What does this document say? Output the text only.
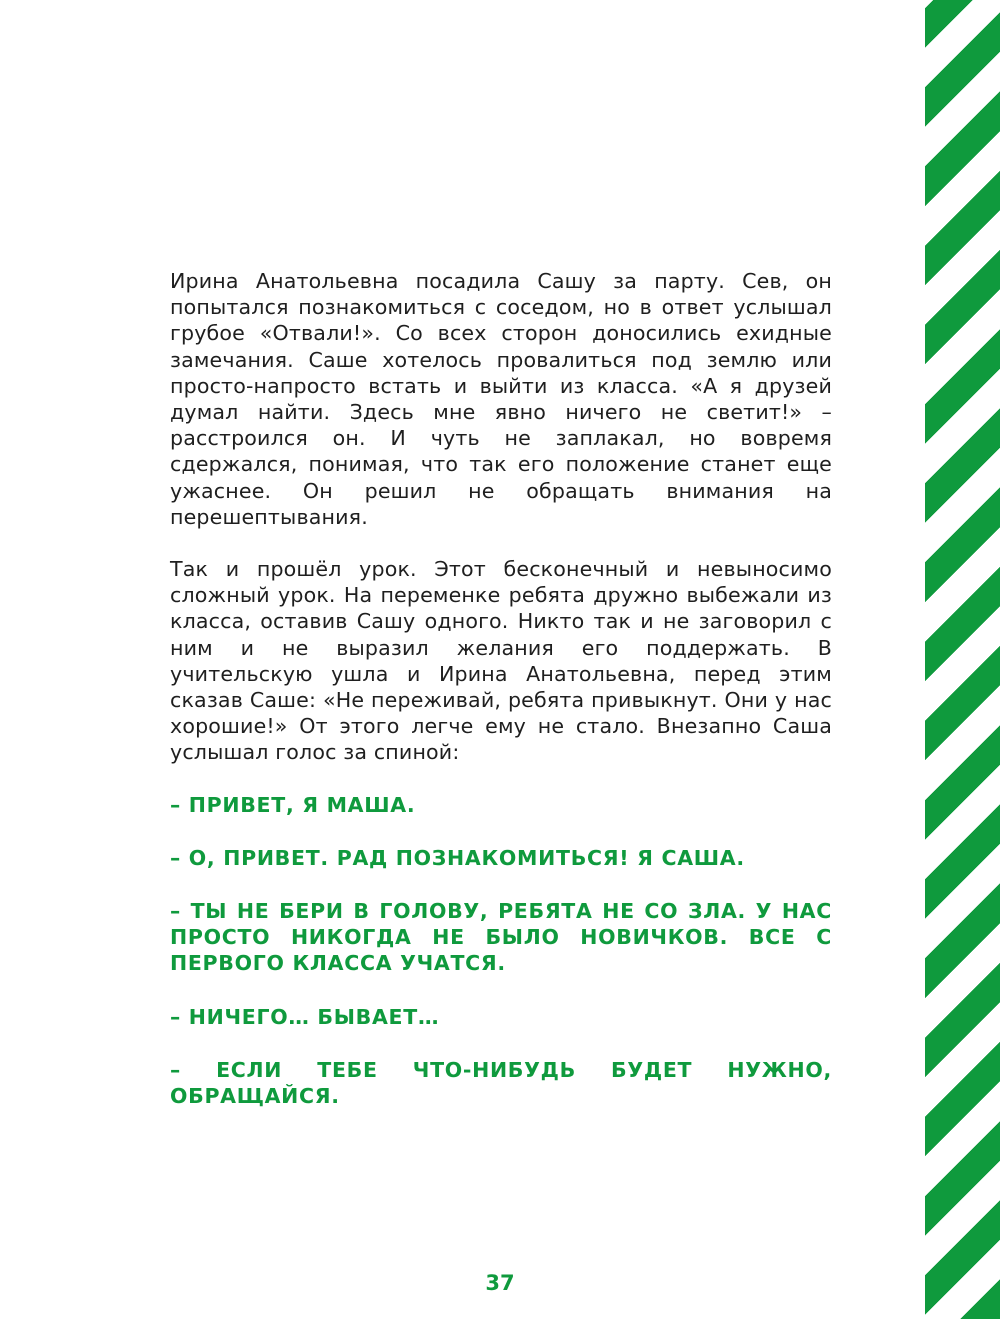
Ирина Анатольевна посадила Сашу за парту. Сев, он попытался познакомиться с соседом, но в ответ услышал грубое «Отвали!». Со всех сторон доносились ехидные замечания. Саше хотелось провалиться под землю или просто-напросто встать и выйти из класса. «А я друзей думал найти. Здесь мне явно ничего не светит!» – расстроился он. И чуть не заплакал, но вовремя сдержался, понимая, что так его положение станет еще ужаснее. Он решил не обращать внимания на перешептывания.

Так и прошёл урок. Этот бесконечный и невыносимо сложный урок. На переменке ребята дружно выбежали из класса, оставив Сашу одного. Никто так и не заговорил с ним и не выразил желания его поддержать. В учительскую ушла и Ирина Анатольевна, перед этим сказав Саше: «Не переживай, ребята привыкнут. Они у нас хорошие!» От этого легче ему не стало. Внезапно Саша услышал голос за спиной:

– ПРИВЕТ, Я МАША.

– О, ПРИВЕТ. РАД ПОЗНАКОМИТЬСЯ! Я САША.

– ТЫ НЕ БЕРИ В ГОЛОВУ, РЕБЯТА НЕ СО ЗЛА. У НАС ПРОСТО НИКОГДА НЕ БЫЛО НОВИЧКОВ. ВСЕ С ПЕРВОГО КЛАССА УЧАТСЯ.

– НИЧЕГО… БЫВАЕТ…

– ЕСЛИ ТЕБЕ ЧТО-НИБУДЬ БУДЕТ НУЖНО, ОБРАЩАЙСЯ.

37
